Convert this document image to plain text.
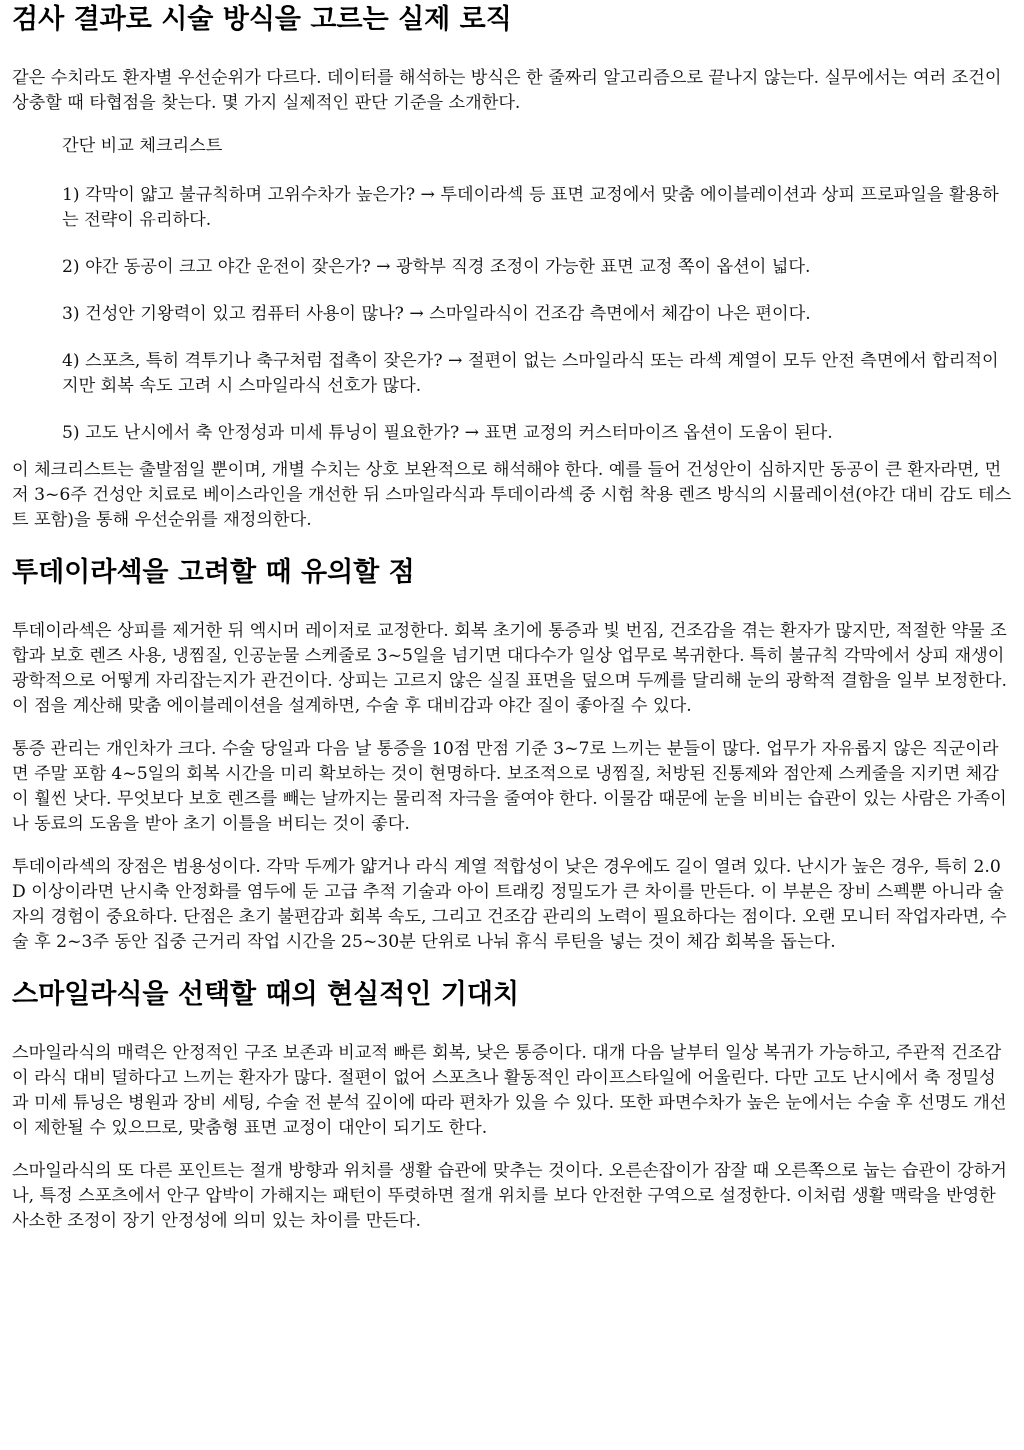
검사 결과로 시술 방식을 고르는 실제 로직

같은 수치라도 환자별 우선순위가 다르다. 데이터를 해석하는 방식은 한 줄짜리 알고리즘으로 끝나지 않는다. 실무에서는 여러 조건이 상충할 때 타협점을 찾는다. 몇 가지 실제적인 판단 기준을 소개한다.

간단 비교 체크리스트

1) 각막이 얇고 불규칙하며 고위수차가 높은가? → 투데이라섹 등 표면 교정에서 맞춤 에이블레이션과 상피 프로파일을 활용하는 전략이 유리하다.

2) 야간 동공이 크고 야간 운전이 잦은가? → 광학부 직경 조정이 가능한 표면 교정 쪽이 옵션이 넓다.

3) 건성안 기왕력이 있고 컴퓨터 사용이 많나? → 스마일라식이 건조감 측면에서 체감이 나은 편이다.

4) 스포츠, 특히 격투기나 축구처럼 접촉이 잦은가? → 절편이 없는 스마일라식 또는 라섹 계열이 모두 안전 측면에서 합리적이지만 회복 속도 고려 시 스마일라식 선호가 많다.

5) 고도 난시에서 축 안정성과 미세 튜닝이 필요한가? → 표면 교정의 커스터마이즈 옵션이 도움이 된다.

이 체크리스트는 출발점일 뿐이며, 개별 수치는 상호 보완적으로 해석해야 한다. 예를 들어 건성안이 심하지만 동공이 큰 환자라면, 먼저 3~6주 건성안 치료로 베이스라인을 개선한 뒤 스마일라식과 투데이라섹 중 시험 착용 렌즈 방식의 시뮬레이션(야간 대비 감도 테스트 포함)을 통해 우선순위를 재정의한다.

투데이라섹을 고려할 때 유의할 점

투데이라섹은 상피를 제거한 뒤 엑시머 레이저로 교정한다. 회복 초기에 통증과 빛 번짐, 건조감을 겪는 환자가 많지만, 적절한 약물 조합과 보호 렌즈 사용, 냉찜질, 인공눈물 스케줄로 3~5일을 넘기면 대다수가 일상 업무로 복귀한다. 특히 불규칙 각막에서 상피 재생이 광학적으로 어떻게 자리잡는지가 관건이다. 상피는 고르지 않은 실질 표면을 덮으며 두께를 달리해 눈의 광학적 결함을 일부 보정한다. 이 점을 계산해 맞춤 에이블레이션을 설계하면, 수술 후 대비감과 야간 질이 좋아질 수 있다.

통증 관리는 개인차가 크다. 수술 당일과 다음 날 통증을 10점 만점 기준 3~7로 느끼는 분들이 많다. 업무가 자유롭지 않은 직군이라면 주말 포함 4~5일의 회복 시간을 미리 확보하는 것이 현명하다. 보조적으로 냉찜질, 처방된 진통제와 점안제 스케줄을 지키면 체감이 훨씬 낫다. 무엇보다 보호 렌즈를 빼는 날까지는 물리적 자극을 줄여야 한다. 이물감 때문에 눈을 비비는 습관이 있는 사람은 가족이나 동료의 도움을 받아 초기 이틀을 버티는 것이 좋다.

투데이라섹의 장점은 범용성이다. 각막 두께가 얇거나 라식 계열 적합성이 낮은 경우에도 길이 열려 있다. 난시가 높은 경우, 특히 2.0 D 이상이라면 난시축 안정화를 염두에 둔 고급 추적 기술과 아이 트래킹 정밀도가 큰 차이를 만든다. 이 부분은 장비 스펙뿐 아니라 술자의 경험이 중요하다. 단점은 초기 불편감과 회복 속도, 그리고 건조감 관리의 노력이 필요하다는 점이다. 오랜 모니터 작업자라면, 수술 후 2~3주 동안 집중 근거리 작업 시간을 25~30분 단위로 나눠 휴식 루틴을 넣는 것이 체감 회복을 돕는다.

스마일라식을 선택할 때의 현실적인 기대치

스마일라식의 매력은 안정적인 구조 보존과 비교적 빠른 회복, 낮은 통증이다. 대개 다음 날부터 일상 복귀가 가능하고, 주관적 건조감이 라식 대비 덜하다고 느끼는 환자가 많다. 절편이 없어 스포츠나 활동적인 라이프스타일에 어울린다. 다만 고도 난시에서 축 정밀성과 미세 튜닝은 병원과 장비 세팅, 수술 전 분석 깊이에 따라 편차가 있을 수 있다. 또한 파면수차가 높은 눈에서는 수술 후 선명도 개선이 제한될 수 있으므로, 맞춤형 표면 교정이 대안이 되기도 한다.

스마일라식의 또 다른 포인트는 절개 방향과 위치를 생활 습관에 맞추는 것이다. 오른손잡이가 잠잘 때 오른쪽으로 눕는 습관이 강하거나, 특정 스포츠에서 안구 압박이 가해지는 패턴이 뚜렷하면 절개 위치를 보다 안전한 구역으로 설정한다. 이처럼 생활 맥락을 반영한 사소한 조정이 장기 안정성에 의미 있는 차이를 만든다.
